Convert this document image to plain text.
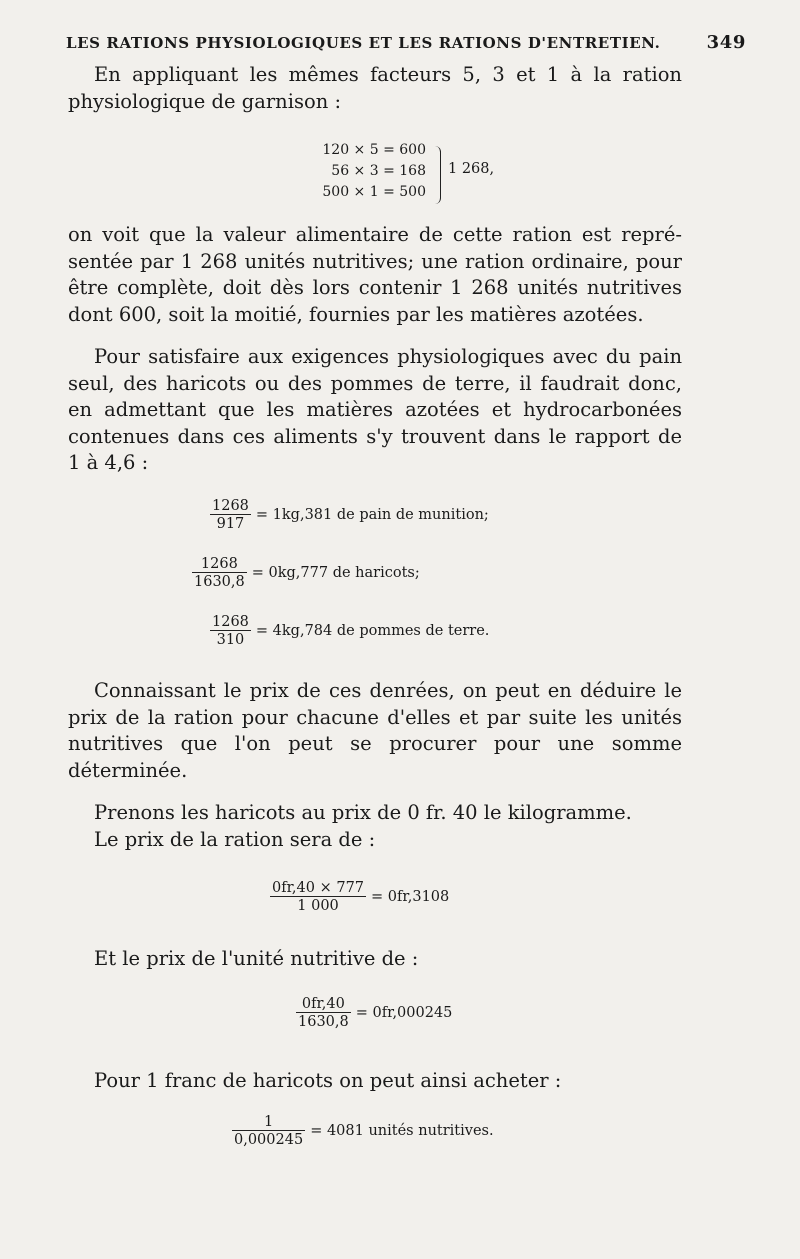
LES RATIONS PHYSIOLOGIQUES ET LES RATIONS D'ENTRETIEN.	349
En appliquant les mêmes facteurs 5, 3 et 1 à la ration
physiologique de garnison :
120 × 5 = 600
56 × 3 = 168
500 × 1 = 500
1 268,
on voit que la valeur alimentaire de cette ration est repré-
sentée par 1 268 unités nutritives; une ration ordinaire, pour
être complète, doit dès lors contenir 1 268 unités nutritives
dont 600, soit la moitié, fournies par les matières azotées.
Pour satisfaire aux exigences physiologiques avec du pain
seul, des haricots ou des pommes de terre, il faudrait donc,
en admettant que les matières azotées et hydrocarbonées
contenues dans ces aliments s'y trouvent dans le rapport de
1 à 4,6 :
$\frac{1268}{917} = 1kg,381$ de pain de munition;
$\frac{1268}{1630,8} = 0kg,777$ de haricots;
$\frac{1268}{310} = 4kg,784$ de pommes de terre.
Connaissant le prix de ces denrées, on peut en déduire le
prix de la ration pour chacune d'elles et par suite les unités
nutritives que l'on peut se procurer pour une somme
déterminée.
Prenons les haricots au prix de 0 fr. 40 le kilogramme.
Le prix de la ration sera de :
$\frac{0fr,40 \times 777}{1 000} = 0fr,3108$
Et le prix de l'unité nutritive de :
$\frac{0fr,40}{1630,8} = 0fr,000245$
Pour 1 franc de haricots on peut ainsi acheter :
$\frac{1}{0,000245} = 4081$ unités nutritives.
